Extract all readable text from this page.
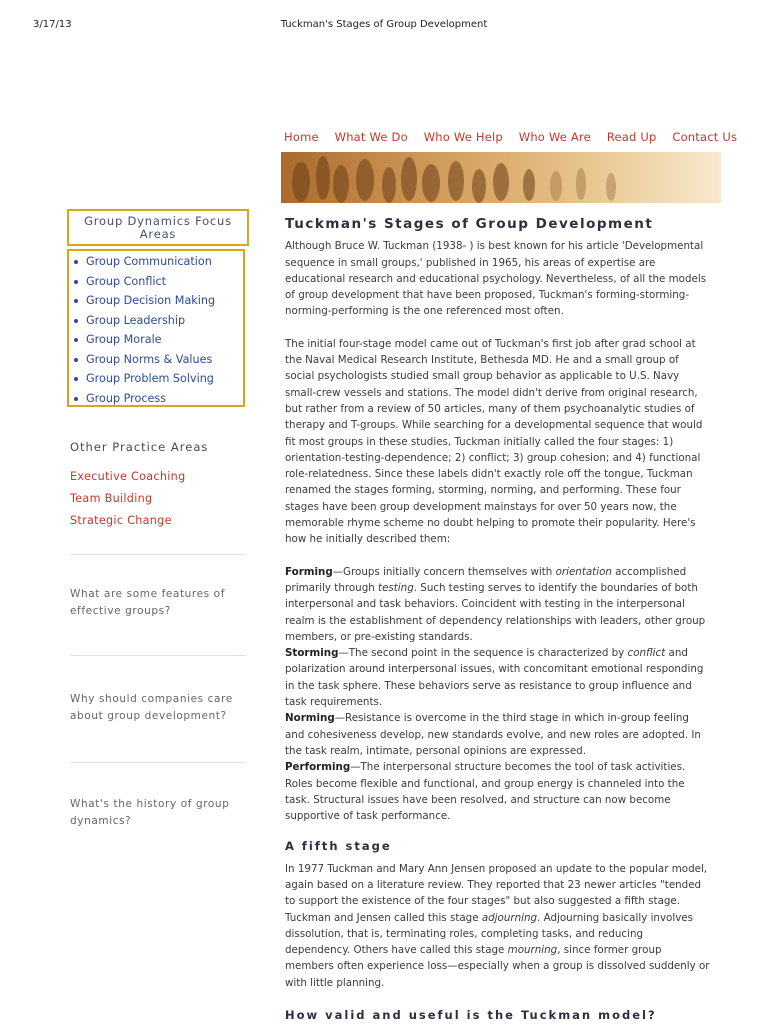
3/17/13	Tuckman's Stages of Group Development
Home What We Do Who We Help Who We Are Read Up Contact Us
Group Dynamics Focus Areas
Group Communication
Group Conflict
Group Decision Making
Group Leadership
Group Morale
Group Norms & Values
Group Problem Solving
Group Process
Other Practice Areas
Executive Coaching
Team Building
Strategic Change
What are some features of effective groups?
Why should companies care about group development?
What's the history of group dynamics?
Tuckman's Stages of Group Development

Although Bruce W. Tuckman (1938- ) is best known for his article 'Developmental sequence in small groups,' published in 1965, his areas of expertise are educational research and educational psychology. Nevertheless, of all the models of group development that have been proposed, Tuckman's forming-storming-norming-performing is the one referenced most often.

The initial four-stage model came out of Tuckman's first job after grad school at the Naval Medical Research Institute, Bethesda MD. He and a small group of social psychologists studied small group behavior as applicable to U.S. Navy small-crew vessels and stations. The model didn't derive from original research, but rather from a review of 50 articles, many of them psychoanalytic studies of therapy and T-groups. While searching for a developmental sequence that would fit most groups in these studies, Tuckman initially called the four stages: 1) orientation-testing-dependence; 2) conflict; 3) group cohesion; and 4) functional role-relatedness. Since these labels didn't exactly role off the tongue, Tuckman renamed the stages forming, storming, norming, and performing. These four stages have been group development mainstays for over 50 years now, the memorable rhyme scheme no doubt helping to promote their popularity. Here's how he initially described them:

Forming—Groups initially concern themselves with orientation accomplished primarily through testing. Such testing serves to identify the boundaries of both interpersonal and task behaviors. Coincident with testing in the interpersonal realm is the establishment of dependency relationships with leaders, other group members, or pre-existing standards.

Storming—The second point in the sequence is characterized by conflict and polarization around interpersonal issues, with concomitant emotional responding in the task sphere. These behaviors serve as resistance to group influence and task requirements.

Norming—Resistance is overcome in the third stage in which in-group feeling and cohesiveness develop, new standards evolve, and new roles are adopted. In the task realm, intimate, personal opinions are expressed.

Performing—The interpersonal structure becomes the tool of task activities. Roles become flexible and functional, and group energy is channeled into the task. Structural issues have been resolved, and structure can now become supportive of task performance.

A fifth stage

In 1977 Tuckman and Mary Ann Jensen proposed an update to the popular model, again based on a literature review. They reported that 23 newer articles "tended to support the existence of the four stages" but also suggested a fifth stage. Tuckman and Jensen called this stage adjourning. Adjourning basically involves dissolution, that is, terminating roles, completing tasks, and reducing dependency. Others have called this stage mourning, since former group members often experience loss—especially when a group is dissolved suddenly or with little planning.

How valid and useful is the Tuckman model?
